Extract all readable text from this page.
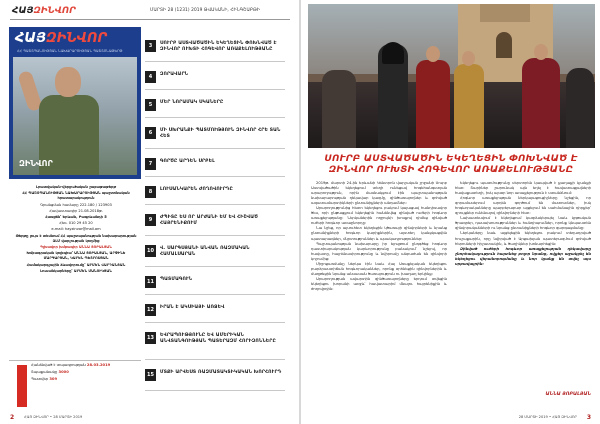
ՀԱՅԶԻՆՎՈՐ	ՄԱՐՏԻ 28 (1231) 2019 ԹՎԱԿԱՆԻ, ՀԻՆԳՇԱԲԹԻ
ՀԱՅԶԻՆՎՈՐ
ՀՀ ՊԱՇՏՊԱՆՈՒԹՅԱՆ ՆԱԽԱՐԱՐՈՒԹՅԱՆ ՊԱՇՏՈՆԱԹԵՐԹ
ԶԻՆՎՈՐ

Լրատվական-վերլուծական շաբաթաթերթ

ՀՀ ՊԱՇՏՊԱՆՈՒԹՅԱՆ ՆԱԽԱՐԱՐՈՒԹՅԱՆ պաշտոնական հրատարակություն

Գրանցման համարը 222.180 / 123903

Հավաստագիր 21.08.2018թ.

Հասցեն՝ Երևան, Բագրևանդի 5

Հեռ. 010 29 45 20

e-mail: hayzinvor@mail.am

Թերթը լույս է տեսնում ՀՀ պաշտպանության նախարարության ԶԼՄ վարչության կողմից

Գլխավոր խմբագիր ԱՆՆԱ ՅՈԲԱԼՅԱՆ

Խմբագրական կոլեգիա՝ ԱՆՆԱ ՅՈԲԱԼՅԱՆ, ԱՐՓԻՆԵ ՄԱՐԳԱՐՅԱՆ, ԿԱՐԵՆ ՊԵՏՐՈՍՅԱՆ

Համակարգչային ձևավորումը՝ ԱՐՄԵՆ ՎԱՐԴԱՆՅԱՆ

Լուսանկարները՝ ԱՐՄԵՆ ՄԱՆՈՒԿՅԱՆ

Հանձնված է տպագրության 28.03.2019
Տպաքանակը 3000
Պատվեր 309
3	ՍՈՒՐԲ ԱՍՏՎԱԾԱԾԻՆ ԵԿԵՂԵՑԻՆ ՓՈԽՆՎԱԾ Է ԶԻՆՎՈՐ ՈՒԽՏԻ ՀՈԳԵՎՈՐ ԱՌԱՔԵԼՈՒԹՅԱՆԸ
4	ԶՈՐԱՎԱՐՆ
5	ՄԵՐ ՆՈՐԱՄԱԿ ՍԿԱՆԵՐԸ
6	ՄԻ ՍԽՐԱՆՔԻ ՊԱՏՄՈՒԹՅՈՒՆ ԶԻՆՎՈՐ ՀՐԵ ՏԱՆ ՀԵՏ
7	ԳՈՐԾԸ ԱՐԴԵՆ ՍՐԲԵԼ
8	ԼՈՒՍԱՆԿԱՐԵՆ ԺՈՂՈՎՈՒՐԴԸ
9	ԺՊԻՏԸ ԵՍ ՈՐ ԱՐԺԱՆԻ ԵՄ ԵՎ ՀԻՇՎԱԾ ՀԱՅՐԵՆԻՔՈՒՄ
10	Վ. ՍԱՐԳՍՅԱՆԻ ԱՆՎԱՆ ՌԱԶՄԱԿԱՆ ՀԱՄԱԼՍԱՐԱՆ
11	ՊԱՏՄԱԳՈՒՆ
12	ԻՐԱՆ Է ԱԿՍԻԱՅԻ ԱՌՋԵՎ
13	ԵՎՐԱՊՈՒԹՅՈՒՆԸ ԵՎ ԱՄԵՐԻԿԱՆ ԱՆՎՏԱՆԳՈՒԹՅԱՆ ՊԱՏԵՐԱԶՄ ՀՈՐԻԶՈՆՆԵՐԸ
15	ՄՏՔԻ ԱՐՎԵՍՏ ՌԱԶՄԱՏԱԿՏԻԿԱԿԱՆ ԽՈՐՀՈՒՐԴ
2	ՀԱՅ ԶԻՆՎՈՐ • 28 ՄԱՐՏԻ 2019
ՍՈՒՐԲ ԱՍՏՎԱԾԱԾԻՆ ԵԿԵՂԵՑԻՆ ՓՈԽՆՎԱԾ Է ԶԻՆՎՈՐ ՈՒԽՏԻ ՀՈԳԵՎՈՐ ԱՌԱՔԵԼՈՒԹՅԱՆԸ

2019թ. մարտի 24-ին Երևանի Կենտրոն վարչական շրջանի Սուրբ Աստվածածին եկեղեցում տեղի ունեցավ հոգեհանգստյան արարողություն, որին մասնակցում էին պաշտպանության նախարարության ղեկավար կազմը, զինծառայողներ և զոհված ազատամարտիկների ընտանիքների անդամներ։

Արարողությունից հետո եկեղեցու բակում կայացավ հանդիսավոր ծես, որի ընթացքում եկեղեցին հանձնվեց զինված ուժերի հոգևոր առաքելությանը։ Ներկաներին ողջույնի խոսքով դիմեց զինված ուժերի հոգևոր առաջնորդը։

Նա նշեց, որ այսուհետ եկեղեցին կծառայի զինվորների և նրանց ընտանիքների հոգևոր կարիքներին, այստեղ կանցկացվեն պատարագներ, մկրտություններ և պսակադրություններ։

Պաշտպանության նախարարը իր ելույթում ընդգծեց հոգևոր դաստիարակության կարևորությունը բանակում՝ նշելով, որ հավատը, հայրենասիրությունը և նվիրումը անբաժան են զինվորի կոչումից։

Միջոցառմանը ներկա էին նաև Հայ Առաքելական եկեղեցու բարձրաստիճան հոգևորականներ, որոնք օրհնեցին զինվորներին և մաղթեցին նրանց անսասան ծառայություն ու խաղաղ երկինք։

Արարողության ավարտին զինծառայողները երդում տվեցին եկեղեցու խորանի առջև՝ հավատարիմ մնալու հայրենիքին և ժողովրդին։

Եկեղեցու պատմությունը սերտորեն կապված է քաղաքի կյանքի հետ։ Տարիներ շարունակ այն եղել է հավատացյալների հավաքատեղի, իսկ այսօր նոր առաքելություն է ստանձնում։

Հոգևոր առաքելության ներկայացուցիչները նշեցին, որ զորամասերում արդեն գործում են մատուռներ, իսկ հոգևորականները պարբերաբար այցելում են սահմանային դիրքեր՝ զրույցներ ունենալով զինվորների հետ։

Նախատեսվում է եկեղեցում կազմակերպել նաև կրթական ծրագրեր, դասախոսություններ և հանդիպումներ, որոնք կնպաստեն զինվորականների ու նրանց ընտանիքների հոգևոր զարգացմանը։

Ներկաները նաև այցելեցին եկեղեցու բակում տեղադրված հուշաքարին, որը նվիրված է Արցախյան պատերազմում զոհված հերոսների հիշատակին, և ծաղիկներ խոնարհեցին։

Զինված ուժերի հոգևոր առաքելության ղեկավարը շնորհակալություն հայտնեց բոլոր նրանց, ովքեր աջակցել են եկեղեցու վերանորոգմանը և նոր կյանք են տվել այս սրբավայրին։

ԱՆՆԱ ՅՈԲԱԼՅԱՆ
28 ՄԱՐՏԻ 2019 • ՀԱՅ ԶԻՆՎՈՐ 3
